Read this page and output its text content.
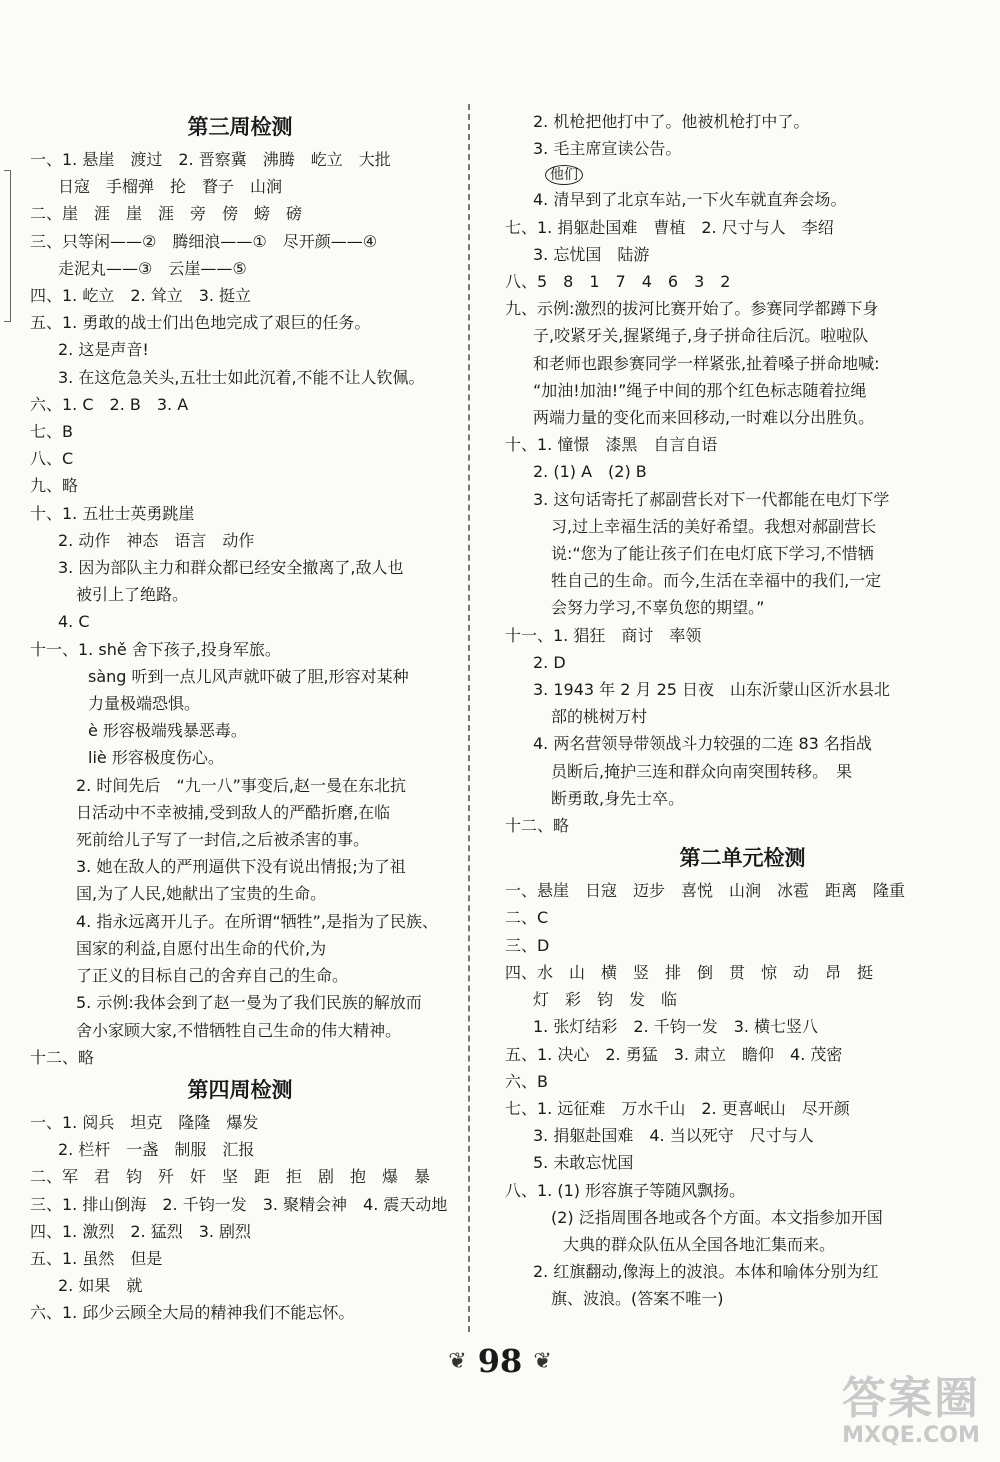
第三周检测

一、1. 悬崖　渡过　2. 晋察冀　沸腾　屹立　大批

日寇　手榴弹　抡　瞀子　山涧

二、崖　涯　崖　涯　旁　傍　螃　磅

三、只等闲——②　腾细浪——①　尽开颜——④

走泥丸——③　云崖——⑤

四、1. 屹立　2. 耸立　3. 挺立

五、1. 勇敢的战士们出色地完成了艰巨的任务。

2. 这是声音!

3. 在这危急关头,五壮士如此沉着,不能不让人钦佩。

六、1. C　2. B　3. A

七、B

八、C

九、略

十、1. 五壮士英勇跳崖

2. 动作　神态　语言　动作

3. 因为部队主力和群众都已经安全撤离了,敌人也

被引上了绝路。

4. C

十一、1. shě 舍下孩子,投身军旅。

sàng 听到一点儿风声就吓破了胆,形容对某种

力量极端恐惧。

è 形容极端残暴恶毒。

liè 形容极度伤心。

2. 时间先后　“九一八”事变后,赵一曼在东北抗

日活动中不幸被捕,受到敌人的严酷折磨,在临

死前给儿子写了一封信,之后被杀害的事。

3. 她在敌人的严刑逼供下没有说出情报;为了祖

国,为了人民,她献出了宝贵的生命。

4. 指永远离开儿子。在所谓“牺牲”,是指为了民族、

国家的利益,自愿付出生命的代价,为

了正义的目标自己的舍弃自己的生命。

5. 示例:我体会到了赵一曼为了我们民族的解放而

舍小家顾大家,不惜牺牲自己生命的伟大精神。

十二、略

第四周检测

一、1. 阅兵　坦克　隆隆　爆发

2. 栏杆　一盏　制服　汇报

二、军　君　钧　歼　奸　坚　距　拒　剧　抱　爆　暴

三、1. 排山倒海　2. 千钧一发　3. 聚精会神　4. 震天动地

四、1. 激烈　2. 猛烈　3. 剧烈

五、1. 虽然　但是

2. 如果　就

六、1. 邱少云顾全大局的精神我们不能忘怀。

2. 机枪把他打中了。他被机枪打中了。

3. 毛主席宣读公告。

他们

4. 清早到了北京车站,一下火车就直奔会场。

七、1. 捐躯赴国难　曹植　2. 尺寸与人　李绍

3. 忘忧国　陆游

八、5　8　1　7　4　6　3　2

九、示例:激烈的拔河比赛开始了。参赛同学都蹲下身

子,咬紧牙关,握紧绳子,身子拼命往后沉。啦啦队

和老师也跟参赛同学一样紧张,扯着嗓子拼命地喊:

“加油!加油!”绳子中间的那个红色标志随着拉绳

两端力量的变化而来回移动,一时难以分出胜负。

十、1. 憧憬　漆黑　自言自语

2. (1) A　(2) B

3. 这句话寄托了郝副营长对下一代都能在电灯下学

习,过上幸福生活的美好希望。我想对郝副营长

说:“您为了能让孩子们在电灯底下学习,不惜牺

牲自己的生命。而今,生活在幸福中的我们,一定

会努力学习,不辜负您的期望。”

十一、1. 猖狂　商讨　率领

2. D

3. 1943 年 2 月 25 日夜　山东沂蒙山区沂水县北

部的桃树万村

4. 两名营领导带领战斗力较强的二连 83 名指战

员断后,掩护三连和群众向南突围转移。　果

断勇敢,身先士卒。

十二、略

第二单元检测

一、悬崖　日寇　迈步　喜悦　山涧　冰雹　距离　隆重

二、C

三、D

四、水　山　横　竖　排　倒　贯　惊　动　昂　挺

灯　彩　钧　发　临

1. 张灯结彩　2. 千钧一发　3. 横七竖八

五、1. 决心　2. 勇猛　3. 肃立　瞻仰　4. 茂密

六、B

七、1. 远征难　万水千山　2. 更喜岷山　尽开颜

3. 捐躯赴国难　4. 当以死守　尺寸与人

5. 未敢忘忧国

八、1. (1) 形容旗子等随风飘扬。

(2) 泛指周围各地或各个方面。本文指参加开国

大典的群众队伍从全国各地汇集而来。

2. 红旗翻动,像海上的波浪。本体和喻体分别为红

旗、波浪。(答案不唯一)

❦ 98 ❦
答案圈
MXQE.COM
